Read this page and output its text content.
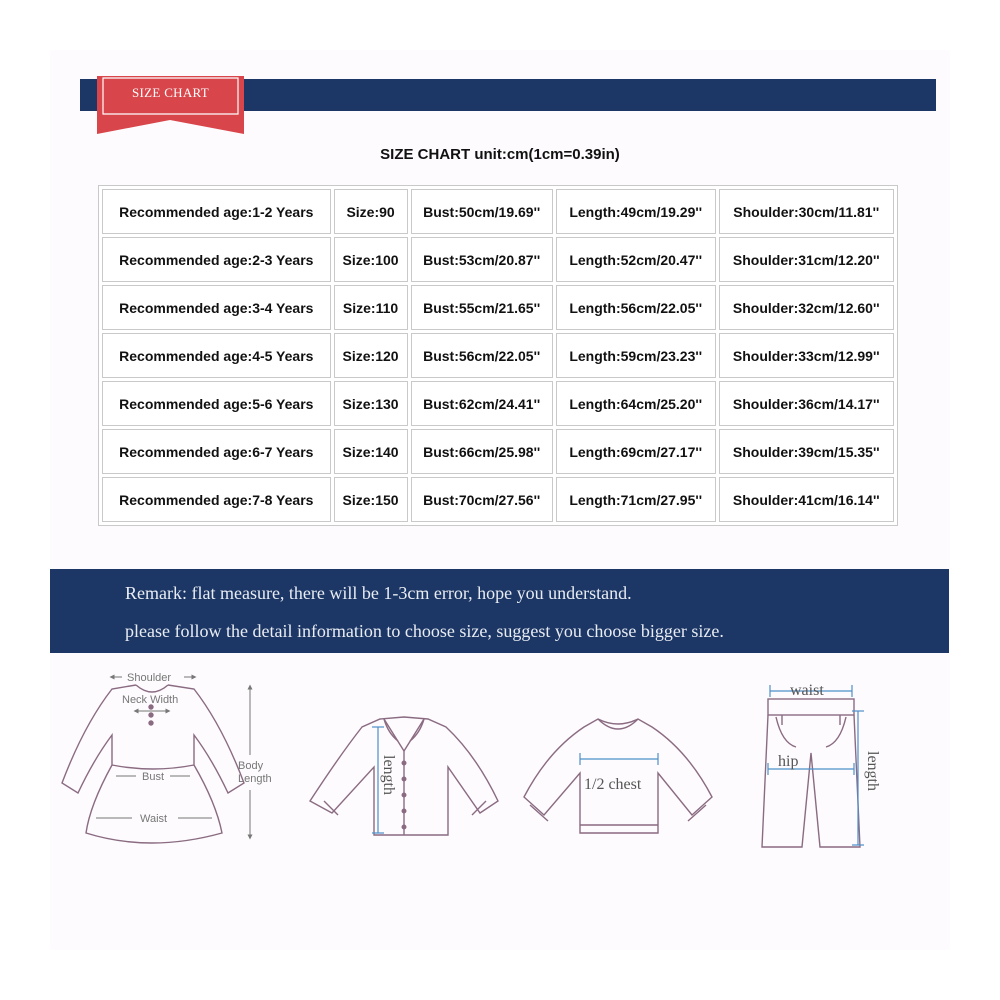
SIZE CHART
SIZE CHART unit:cm(1cm=0.39in)
Recommended age:1-2 Years	Size:90	Bust:50cm/19.69''	Length:49cm/19.29''	Shoulder:30cm/11.81''
Recommended age:2-3 Years	Size:100	Bust:53cm/20.87''	Length:52cm/20.47''	Shoulder:31cm/12.20''
Recommended age:3-4 Years	Size:110	Bust:55cm/21.65''	Length:56cm/22.05''	Shoulder:32cm/12.60''
Recommended age:4-5 Years	Size:120	Bust:56cm/22.05''	Length:59cm/23.23''	Shoulder:33cm/12.99''
Recommended age:5-6 Years	Size:130	Bust:62cm/24.41''	Length:64cm/25.20''	Shoulder:36cm/14.17''
Recommended age:6-7 Years	Size:140	Bust:66cm/25.98''	Length:69cm/27.17''	Shoulder:39cm/15.35''
Recommended age:7-8 Years	Size:150	Bust:70cm/27.56''	Length:71cm/27.95''	Shoulder:41cm/16.14''
Remark: flat measure, there will be 1-3cm error, hope you understand.
please follow the detail information to choose size, suggest you choose bigger size.
Shoulder
Neck Width
Bust
Waist
Body
Length	length	1/2 chest
waist
hip	length
